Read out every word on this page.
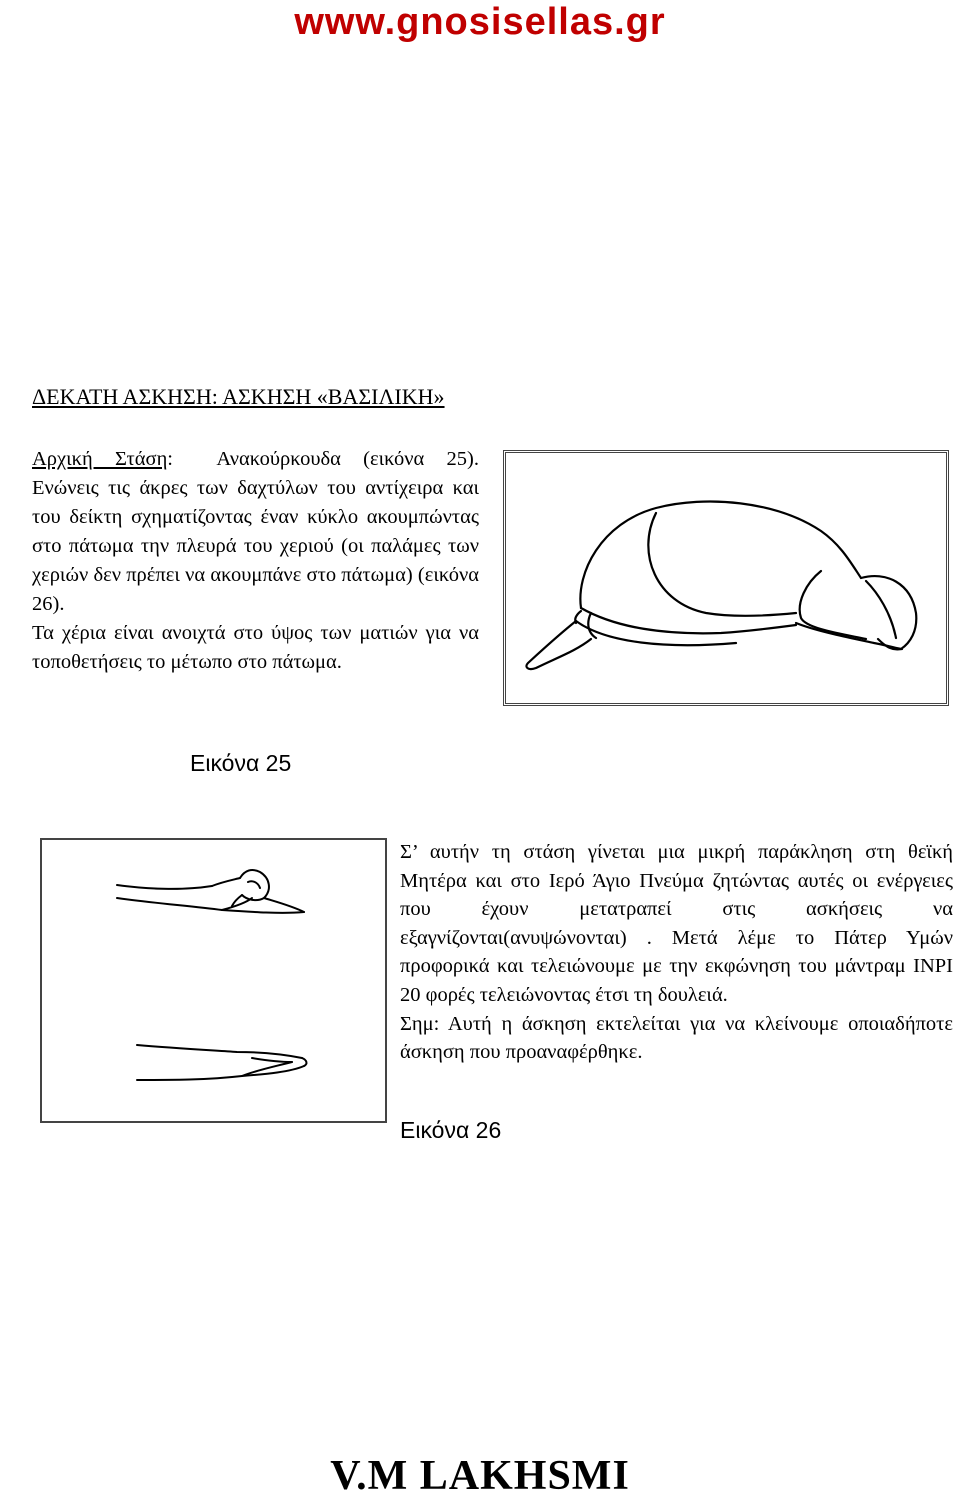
www.gnosisellas.gr
ΔΕΚΑΤΗ ΑΣΚΗΣΗ: ΑΣΚΗΣΗ «ΒΑΣΙΛΙΚΗ»

Αρχική Στάση:  Ανακούρκουδα (εικόνα 25).

Ενώνεις τις άκρες των δαχτύλων του αντίχειρα και του δείκτη σχηματίζοντας έναν κύκλο ακουμπώντας στο πάτωμα την πλευρά του χεριού (οι παλάμες των χεριών δεν πρέπει να ακουμπάνε στο πάτωμα) (εικόνα 26).

Τα χέρια είναι ανοιχτά στο ύψος των ματιών για να τοποθετήσεις το μέτωπο στο πάτωμα.

Εικόνα 25

Σ’ αυτήν τη στάση γίνεται μια μικρή παράκληση στη θεϊκή Μητέρα και στο Ιερό Άγιο Πνεύμα ζητώντας αυτές οι ενέργειες που έχουν μετατραπεί στις ασκήσεις να εξαγνίζονται(ανυψώνονται) . Μετά λέμε το Πάτερ Υμών προφορικά και τελειώνουμε με την εκφώνηση του μάντραμ ΙΝΡΙ 20 φορές τελειώνοντας έτσι τη δουλειά.

Σημ: Αυτή η άσκηση εκτελείται για να κλείνουμε οποιαδήποτε άσκηση που προαναφέρθηκε.

Εικόνα 26
V.M LAKHSMI
